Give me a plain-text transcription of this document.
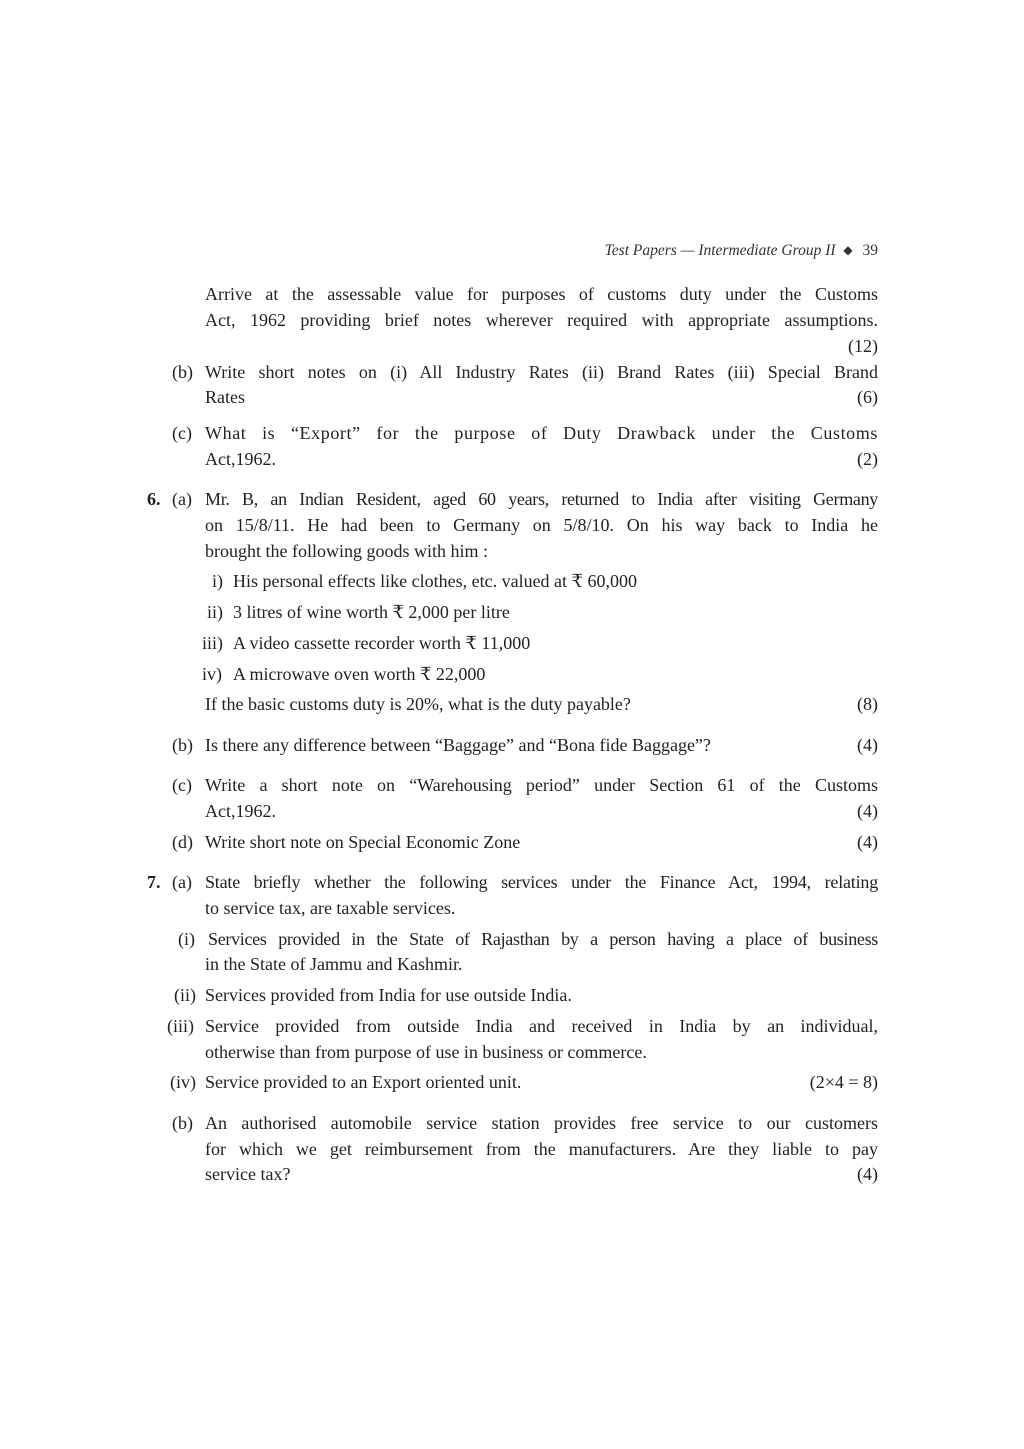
Test Papers — Intermediate Group II ◆ 39
Arrive at the assessable value for purposes of customs duty under the Customs
Act, 1962 providing brief notes wherever required with appropriate assumptions.
(12)
(b) Write short notes on (i) All Industry Rates (ii) Brand Rates (iii) Special Brand
Rates	(6)
(c) What is “Export” for the purpose of Duty Drawback under the Customs
Act,1962.	(2)
6. (a) Mr. B, an Indian Resident, aged 60 years, returned to India after visiting Germany
on 15/8/11. He had been to Germany on 5/8/10. On his way back to India he
brought the following goods with him :
i) His personal effects like clothes, etc. valued at ₹ 60,000
ii) 3 litres of wine worth ₹ 2,000 per litre
iii) A video cassette recorder worth ₹ 11,000
iv) A microwave oven worth ₹ 22,000
If the basic customs duty is 20%, what is the duty payable?	(8)
(b) Is there any difference between “Baggage” and “Bona fide Baggage”?	(4)
(c) Write a short note on “Warehousing period” under Section 61 of the Customs
Act,1962.	(4)
(d) Write short note on Special Economic Zone	(4)
7. (a) State briefly whether the following services under the Finance Act, 1994, relating
to service tax, are taxable services.
(i) Services provided in the State of Rajasthan by a person having a place of business
in the State of Jammu and Kashmir.
(ii) Services provided from India for use outside India.
(iii) Service provided from outside India and received in India by an individual,
otherwise than from purpose of use in business or commerce.
(iv) Service provided to an Export oriented unit.	(2×4 = 8)
(b) An authorised automobile service station provides free service to our customers
for which we get reimbursement from the manufacturers. Are they liable to pay
service tax?	(4)
